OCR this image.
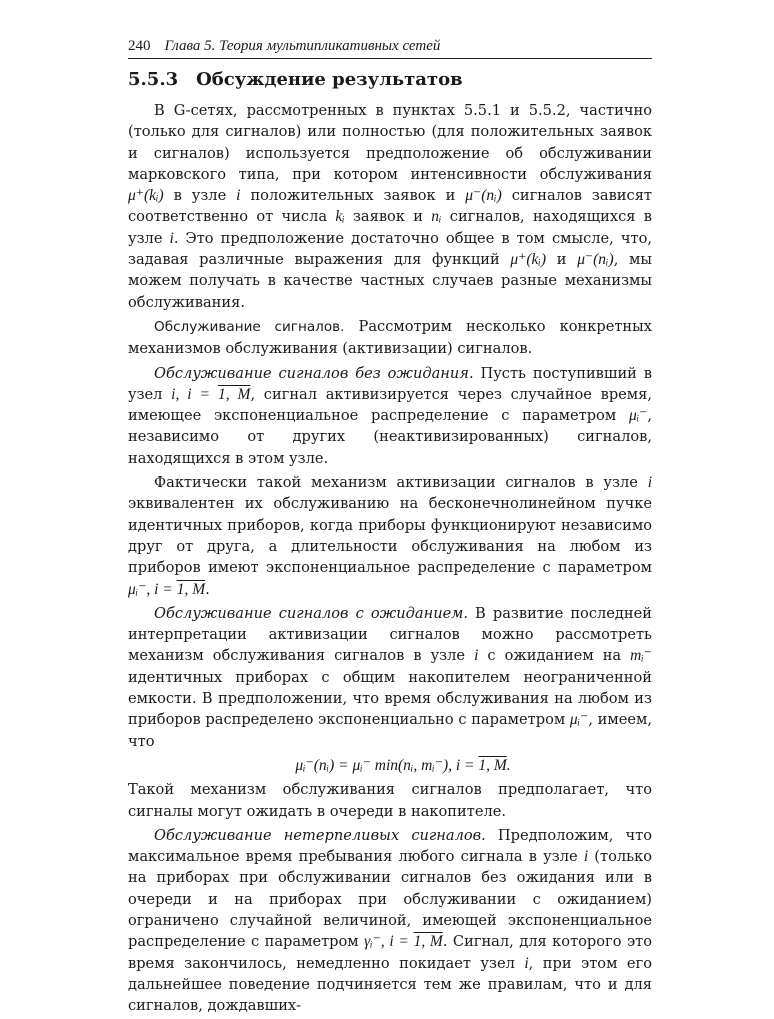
240 Глава 5. Теория мультипликативных сетей
5.5.3 Обсуждение результатов

В G-сетях, рассмотренных в пунктах 5.5.1 и 5.5.2, частично (только для сигналов) или полностью (для положительных заявок и сигналов) используется предположение об обслуживании марковского типа, при котором интенсивности обслуживания μ⁺(kᵢ) в узле i положительных заявок и μ⁻(nᵢ) сигналов зависят соответственно от числа kᵢ заявок и nᵢ сигналов, находящихся в узле i. Это предположение достаточно общее в том смысле, что, задавая различные выражения для функций μ⁺(kᵢ) и μ⁻(nᵢ), мы можем получать в качестве частных случаев разные механизмы обслуживания.

Обслуживание сигналов. Рассмотрим несколько конкретных механизмов обслуживания (активизации) сигналов.

Обслуживание сигналов без ожидания. Пусть поступивший в узел i, i = 1, M, сигнал активизируется через случайное время, имеющее экспоненциальное распределение с параметром μᵢ⁻, независимо от других (неактивизированных) сигналов, находящихся в этом узле.

Фактически такой механизм активизации сигналов в узле i эквивалентен их обслуживанию на бесконечнолинейном пучке идентичных приборов, когда приборы функционируют независимо друг от друга, а длительности обслуживания на любом из приборов имеют экспоненциальное распределение с параметром μᵢ⁻, i = 1, M.

Обслуживание сигналов с ожиданием. В развитие последней интерпретации активизации сигналов можно рассмотреть механизм обслуживания сигналов в узле i с ожиданием на mᵢ⁻ идентичных приборах с общим накопителем неограниченной емкости. В предположении, что время обслуживания на любом из приборов распределено экспоненциально с параметром μᵢ⁻, имеем, что

μᵢ⁻(nᵢ) = μᵢ⁻ min(nᵢ, mᵢ⁻), i = 1, M.

Такой механизм обслуживания сигналов предполагает, что сигналы могут ожидать в очереди в накопителе.

Обслуживание нетерпеливых сигналов. Предположим, что максимальное время пребывания любого сигнала в узле i (только на приборах при обслуживании сигналов без ожидания или в очереди и на приборах при обслуживании с ожиданием) ограничено случайной величиной, имеющей экспоненциальное распределение с параметром γᵢ⁻, i = 1, M. Сигнал, для которого это время закончилось, немедленно покидает узел i, при этом его дальнейшее поведение подчиняется тем же правилам, что и для сигналов, дождавших-
